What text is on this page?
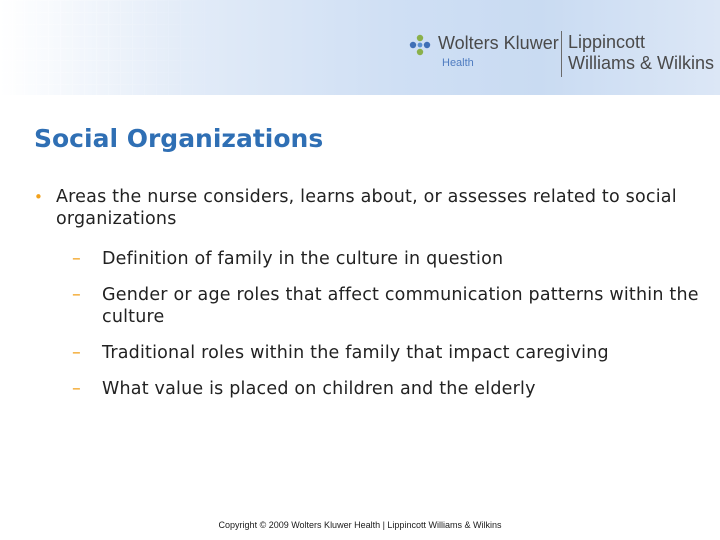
Wolters Kluwer
Health
Lippincott
Williams & Wilkins
Social Organizations
• Areas the nurse considers, learns about, or assesses related to social organizations
– Definition of family in the culture in question
– Gender or age roles that affect communication patterns within the culture
– Traditional roles within the family that impact caregiving
– What value is placed on children and the elderly
Copyright © 2009 Wolters Kluwer Health | Lippincott Williams & Wilkins
